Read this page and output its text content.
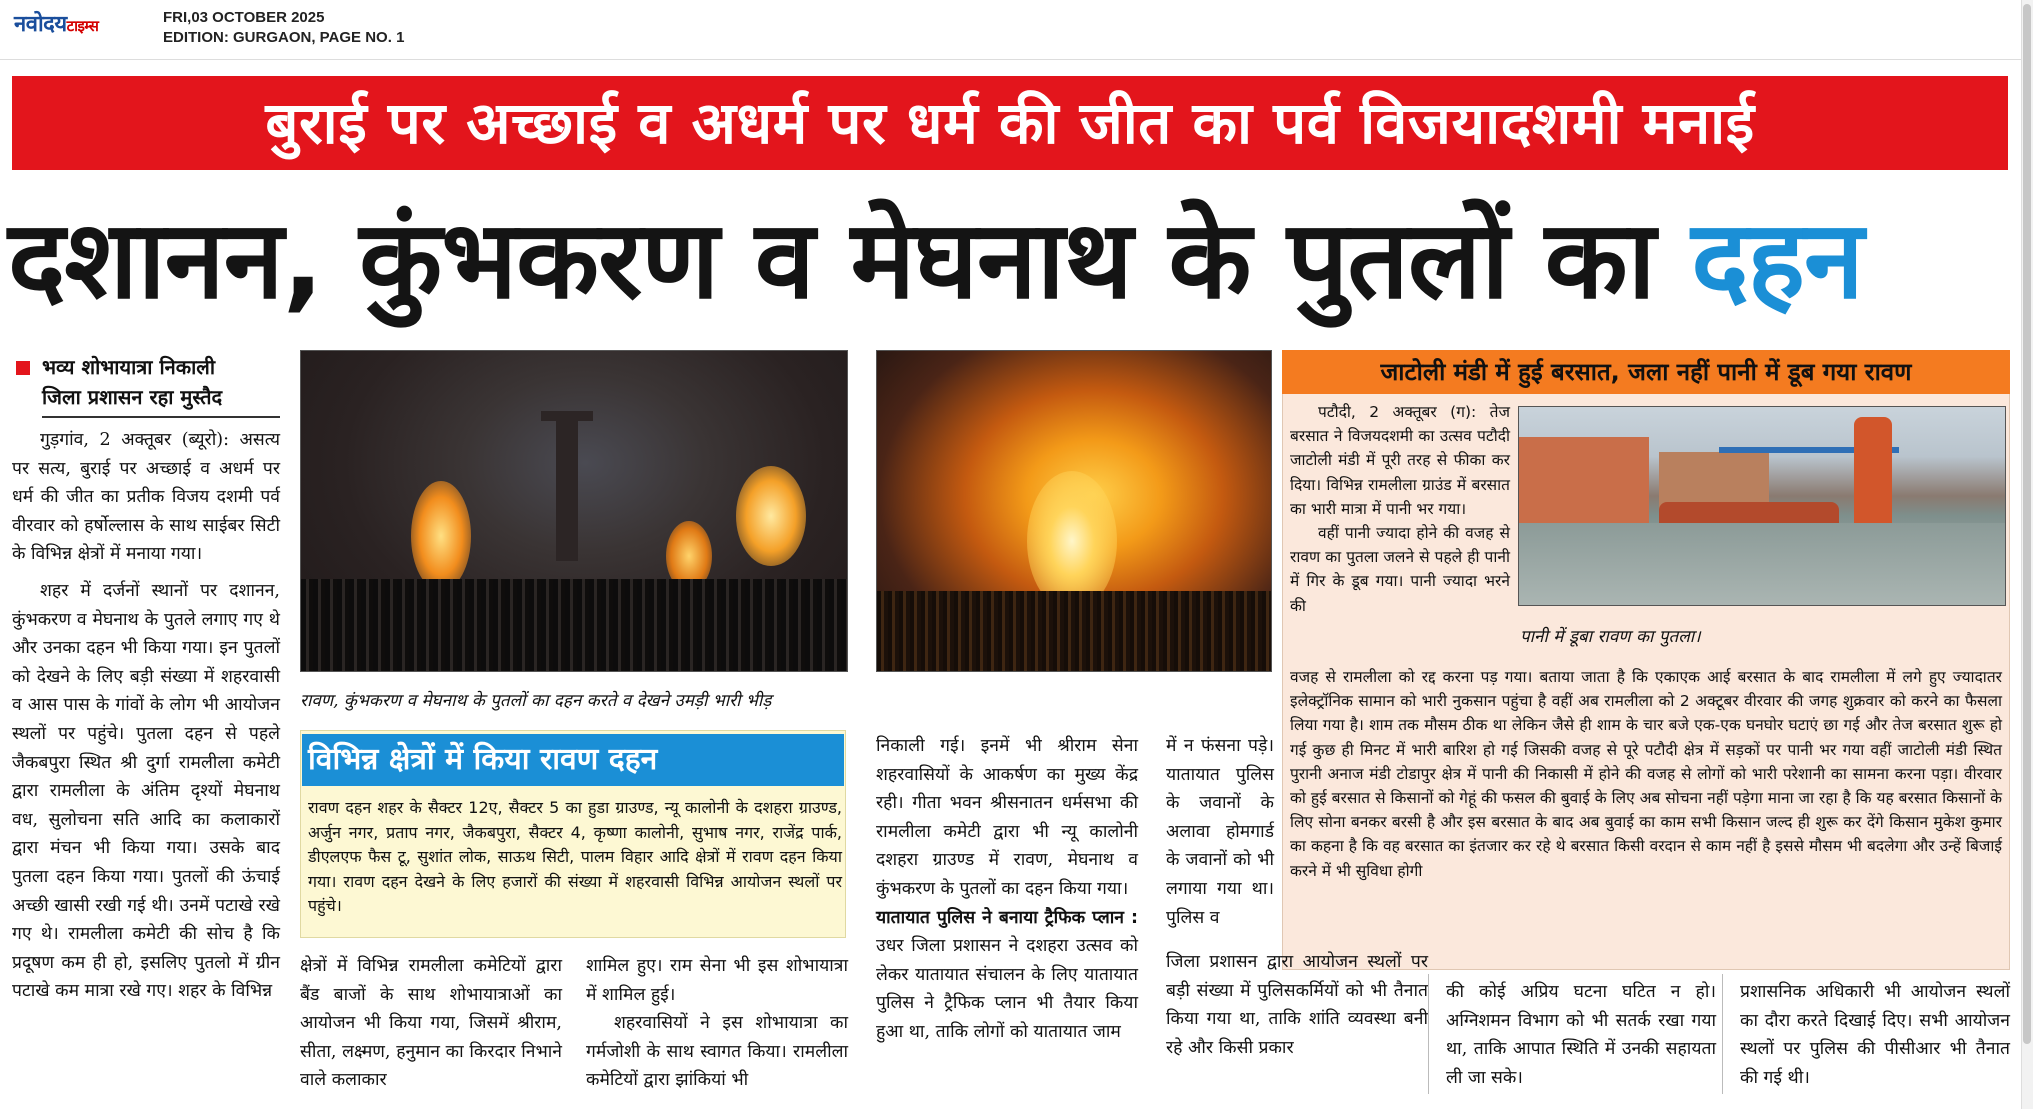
नवोदयटाइम्स	FRI,03 OCTOBER 2025
EDITION: GURGAON, PAGE NO. 1
बुराई पर अच्छाई व अधर्म पर धर्म की जीत का पर्व विजयादशमी मनाई
दशानन, कुंभकरण व मेघनाथ के पुतलों का दहन
भव्य शोभायात्रा निकाली
जिला प्रशासन रहा मुस्तैद
गुड़गांव, 2 अक्तूबर (ब्यूरो): असत्य पर सत्य, बुराई पर अच्छाई व अधर्म पर धर्म की जीत का प्रतीक विजय दशमी पर्व वीरवार को हर्षोल्लास के साथ साईबर सिटी के विभिन्न क्षेत्रों में मनाया गया।
शहर में दर्जनों स्थानों पर दशानन, कुंभकरण व मेघनाथ के पुतले लगाए गए थे और उनका दहन भी किया गया। इन पुतलों को देखने के लिए बड़ी संख्या में शहरवासी व आस पास के गांवों के लोग भी आयोजन स्थलों पर पहुंचे। पुतला दहन से पहले जैकबपुरा स्थित श्री दुर्गा रामलीला कमेटी द्वारा रामलीला के अंतिम दृश्यों मेघनाथ वध, सुलोचना सति आदि का कलाकारों द्वारा मंचन भी किया गया। उसके बाद पुतला दहन किया गया। पुतलों की ऊंचाई अच्छी खासी रखी गई थी। उनमें पटाखे रखे गए थे। रामलीला कमेटी की सोच है कि प्रदूषण कम ही हो, इसलिए पुतलो में ग्रीन पटाखे कम मात्रा रखे गए। शहर के विभिन्न
रावण, कुंभकरण व मेघनाथ के पुतलों का दहन करते व देखने उमड़ी भारी भीड़
जाटोली मंडी में हुई बरसात, जला नहीं पानी में डूब गया रावण
पटौदी, 2 अक्तूबर (ग): तेज बरसात ने विजयदशमी का उत्सव पटौदी जाटोली मंडी में पूरी तरह से फीका कर दिया। विभिन्न रामलीला ग्राउंड में बरसात का भारी मात्रा में पानी भर गया।
वहीं पानी ज्यादा होने की वजह से रावण का पुतला जलने से पहले ही पानी में गिर के डूब गया। पानी ज्यादा भरने की
पानी में डूबा रावण का पुतला।
वजह से रामलीला को रद्द करना पड़ गया। बताया जाता है कि एकाएक आई बरसात के बाद रामलीला में लगे हुए ज्यादातर इलेक्ट्रॉनिक सामान को भारी नुकसान पहुंचा है वहीं अब रामलीला को 2 अक्टूबर वीरवार की जगह शुक्रवार को करने का फैसला लिया गया है। शाम तक मौसम ठीक था लेकिन जैसे ही शाम के चार बजे एक-एक घनघोर घटाएं छा गई और तेज बरसात शुरू हो गई कुछ ही मिनट में भारी बारिश हो गई जिसकी वजह से पूरे पटौदी क्षेत्र में सड़कों पर पानी भर गया वहीं जाटोली मंडी स्थित पुरानी अनाज मंडी टोडापुर क्षेत्र में पानी की निकासी में होने की वजह से लोगों को भारी परेशानी का सामना करना पड़ा। वीरवार को हुई बरसात से किसानों को गेहूं की फसल की बुवाई के लिए अब सोचना नहीं पड़ेगा माना जा रहा है कि यह बरसात किसानों के लिए सोना बनकर बरसी है और इस बरसात के बाद अब बुवाई का काम सभी किसान जल्द ही शुरू कर देंगे किसान मुकेश कुमार का कहना है कि वह बरसात का इंतजार कर रहे थे बरसात किसी वरदान से काम नहीं है इससे मौसम भी बदलेगा और उन्हें बिजाई करने में भी सुविधा होगी
विभिन्न क्षेत्रों में किया रावण दहन
रावण दहन शहर के सैक्टर 12ए, सैक्टर 5 का हुडा ग्राउण्ड, न्यू कालोनी के दशहरा ग्राउण्ड, अर्जुन नगर, प्रताप नगर, जैकबपुरा, सैक्टर 4, कृष्णा कालोनी, सुभाष नगर, राजेंद्र पार्क, डीएलएफ फैस टू, सुशांत लोक, साऊथ सिटी, पालम विहार आदि क्षेत्रों में रावण दहन किया गया। रावण दहन देखने के लिए हजारों की संख्या में शहरवासी विभिन्न आयोजन स्थलों पर पहुंचे।
क्षेत्रों में विभिन्न रामलीला कमेटियों द्वारा बैंड बाजों के साथ शोभायात्राओं का आयोजन भी किया गया, जिसमें श्रीराम, सीता, लक्ष्मण, हनुमान का किरदार निभाने वाले कलाकार
शामिल हुए। राम सेना भी इस शोभायात्रा में शामिल हुई।
शहरवासियों ने इस शोभायात्रा का गर्मजोशी के साथ स्वागत किया। रामलीला कमेटियों द्वारा झांकियां भी
निकाली गई। इनमें भी श्रीराम सेना शहरवासियों के आकर्षण का मुख्य केंद्र रही। गीता भवन श्रीसनातन धर्मसभा की रामलीला कमेटी द्वारा भी न्यू कालोनी दशहरा ग्राउण्ड में रावण, मेघनाथ व कुंभकरण के पुतलों का दहन किया गया।
यातायात पुलिस ने बनाया ट्रैफिक प्लान : उधर जिला प्रशासन ने दशहरा उत्सव को लेकर यातायात संचालन के लिए यातायात पुलिस ने ट्रैफिक प्लान भी तैयार किया हुआ था, ताकि लोगों को यातायात जाम
में न फंसना पड़े। यातायात पुलिस के जवानों के अलावा होमगार्ड के जवानों को भी लगाया गया था। पुलिस व
जिला प्रशासन द्वारा आयोजन स्थलों पर बड़ी संख्या में पुलिसकर्मियों को भी तैनात किया गया था, ताकि शांति व्यवस्था बनी रहे और किसी प्रकार
की कोई अप्रिय घटना घटित न हो। अग्निशमन विभाग को भी सतर्क रखा गया था, ताकि आपात स्थिति में उनकी सहायता ली जा सके।
प्रशासनिक अधिकारी भी आयोजन स्थलों का दौरा करते दिखाई दिए। सभी आयोजन स्थलों पर पुलिस की पीसीआर भी तैनात की गई थी।
